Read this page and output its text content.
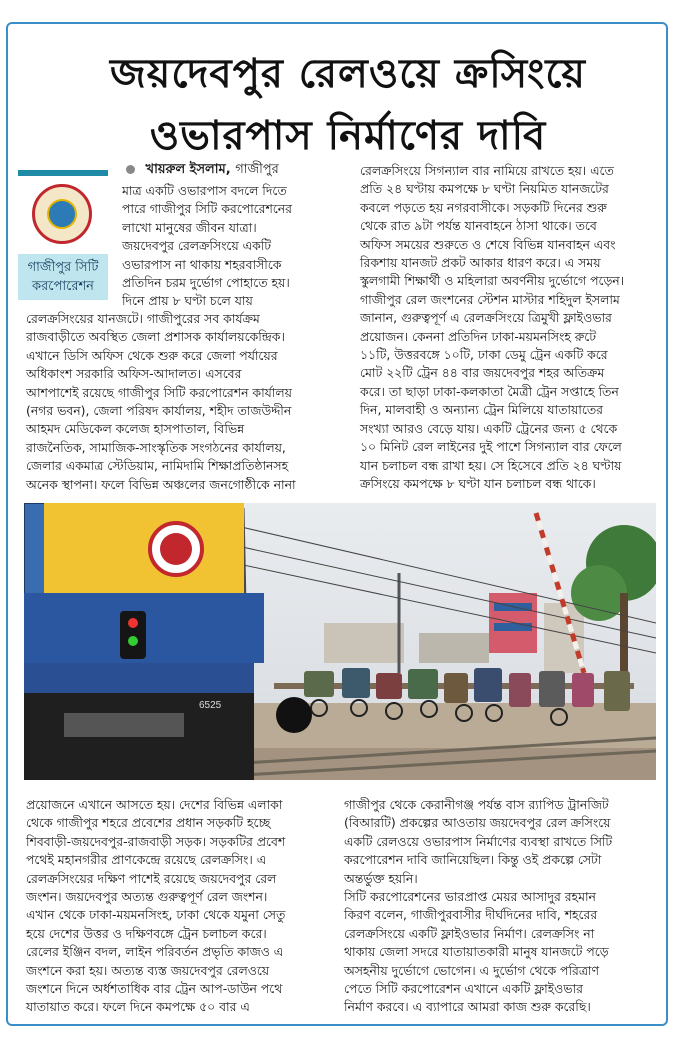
জয়দেবপুর রেলওয়ে ক্রসিংয়ে
ওভারপাস নির্মাণের দাবি
গাজীপুর সিটি
করপোরেশন
খায়রুল ইসলাম, গাজীপুর

মাত্র একটি ওভারপাস বদলে দিতে

পারে গাজীপুর সিটি করপোরেশনের

লাখো মানুষের জীবন যাত্রা।

জয়দেবপুর রেলক্রসিংয়ে একটি

ওভারপাস না থাকায় শহরবাসীকে

প্রতিদিন চরম দুর্ভোগ পোহাতে হয়।

দিনে প্রায় ৮ ঘণ্টা চলে যায়

রেলক্রসিংয়ের যানজটে। গাজীপুরের সব কার্যক্রম

রাজবাড়ীতে অবস্থিত জেলা প্রশাসক কার্যালয়কেন্দ্রিক।

এখানে ডিসি অফিস থেকে শুরু করে জেলা পর্যায়ের

অধিকাংশ সরকারি অফিস-আদালত। এসবের

আশপাশেই রয়েছে গাজীপুর সিটি করপোরেশন কার্যালয়

(নগর ভবন), জেলা পরিষদ কার্যালয়, শহীদ তাজউদ্দীন

আহমদ মেডিকেল কলেজ হাসপাতাল, বিভিন্ন

রাজনৈতিক, সামাজিক-সাংস্কৃতিক সংগঠনের কার্যালয়,

জেলার একমাত্র স্টেডিয়াম, নামিদামি শিক্ষাপ্রতিষ্ঠানসহ

অনেক স্থাপনা। ফলে বিভিন্ন অঞ্চলের জনগোষ্ঠীকে নানা

রেলক্রসিংয়ে সিগন্যাল বার নামিয়ে রাখতে হয়। এতে

প্রতি ২৪ ঘণ্টায় কমপক্ষে ৮ ঘণ্টা নিয়মিত যানজটের

কবলে পড়তে হয় নগরবাসীকে। সড়কটি দিনের শুরু

থেকে রাত ৯টা পর্যন্ত যানবাহনে ঠাসা থাকে। তবে

অফিস সময়ের শুরুতে ও শেষে বিভিন্ন যানবাহন এবং

রিকশায় যানজট প্রকট আকার ধারণ করে। এ সময়

স্কুলগামী শিক্ষার্থী ও মহিলারা অবর্ণনীয় দুর্ভোগে পড়েন।

গাজীপুর রেল জংশনের স্টেশন মাস্টার শহিদুল ইসলাম

জানান, গুরুত্বপূর্ণ এ রেলক্রসিংয়ে ত্রিমুখী ফ্লাইওভার

প্রয়োজন। কেননা প্রতিদিন ঢাকা-ময়মনসিংহ রুটে

১১টি, উত্তরবঙ্গে ১০টি, ঢাকা ডেমু ট্রেন একটি করে

মোট ২২টি ট্রেন ৪৪ বার জয়দেবপুর শহর অতিক্রম

করে। তা ছাড়া ঢাকা-কলকাতা মৈত্রী ট্রেন সপ্তাহে তিন

দিন, মালবাহী ও অন্যান্য ট্রেন মিলিয়ে যাতায়াতের

সংখ্যা আরও বেড়ে যায়। একটি ট্রেনের জন্য ৫ থেকে

১০ মিনিট রেল লাইনের দুই পাশে সিগন্যাল বার ফেলে

যান চলাচল বন্ধ রাখা হয়। সে হিসেবে প্রতি ২৪ ঘণ্টায়

ক্রসিংয়ে কমপক্ষে ৮ ঘণ্টা যান চলাচল বন্ধ থাকে।

6525

প্রয়োজনে এখানে আসতে হয়। দেশের বিভিন্ন এলাকা

থেকে গাজীপুর শহরে প্রবেশের প্রধান সড়কটি হচ্ছে

শিববাড়ী-জয়দেবপুর-রাজবাড়ী সড়ক। সড়কটির প্রবেশ

পথেই মহানগরীর প্রাণকেন্দ্রে রয়েছে রেলক্রসিং। এ

রেলক্রসিংয়ের দক্ষিণ পাশেই রয়েছে জয়দেবপুর রেল

জংশন। জয়দেবপুর অত্যন্ত গুরুত্বপূর্ণ রেল জংশন।

এখান থেকে ঢাকা-ময়মনসিংহ, ঢাকা থেকে যমুনা সেতু

হয়ে দেশের উত্তর ও দক্ষিণবঙ্গে ট্রেন চলাচল করে।

রেলের ইঞ্জিন বদল, লাইন পরিবর্তন প্রভৃতি কাজও এ

জংশনে করা হয়। অত্যন্ত ব্যস্ত জয়দেবপুর রেলওয়ে

জংশনে দিনে অর্ধশতাধিক বার ট্রেন আপ-ডাউন পথে

যাতায়াত করে। ফলে দিনে কমপক্ষে ৫০ বার এ

গাজীপুর থেকে কেরানীগঞ্জ পর্যন্ত বাস র‍্যাপিড ট্রানজিট

(বিআরটি) প্রকল্পের আওতায় জয়দেবপুর রেল ক্রসিংয়ে

একটি রেলওয়ে ওভারপাস নির্মাণের ব্যবস্থা রাখতে সিটি

করপোরেশন দাবি জানিয়েছিল। কিন্তু ওই প্রকল্পে সেটা

অন্তর্ভুক্ত হয়নি।

সিটি করপোরেশনের ভারপ্রাপ্ত মেয়র আসাদুর রহমান

কিরণ বলেন, গাজীপুরবাসীর দীর্ঘদিনের দাবি, শহরের

রেলক্রসিংয়ে একটি ফ্লাইওভার নির্মাণ। রেলক্রসিং না

থাকায় জেলা সদরে যাতায়াতকারী মানুষ যানজটে পড়ে

অসহনীয় দুর্ভোগে ভোগেন। এ দুর্ভোগ থেকে পরিত্রাণ

পেতে সিটি করপোরেশন এখানে একটি ফ্লাইওভার

নির্মাণ করবে। এ ব্যাপারে আমরা কাজ শুরু করেছি।
